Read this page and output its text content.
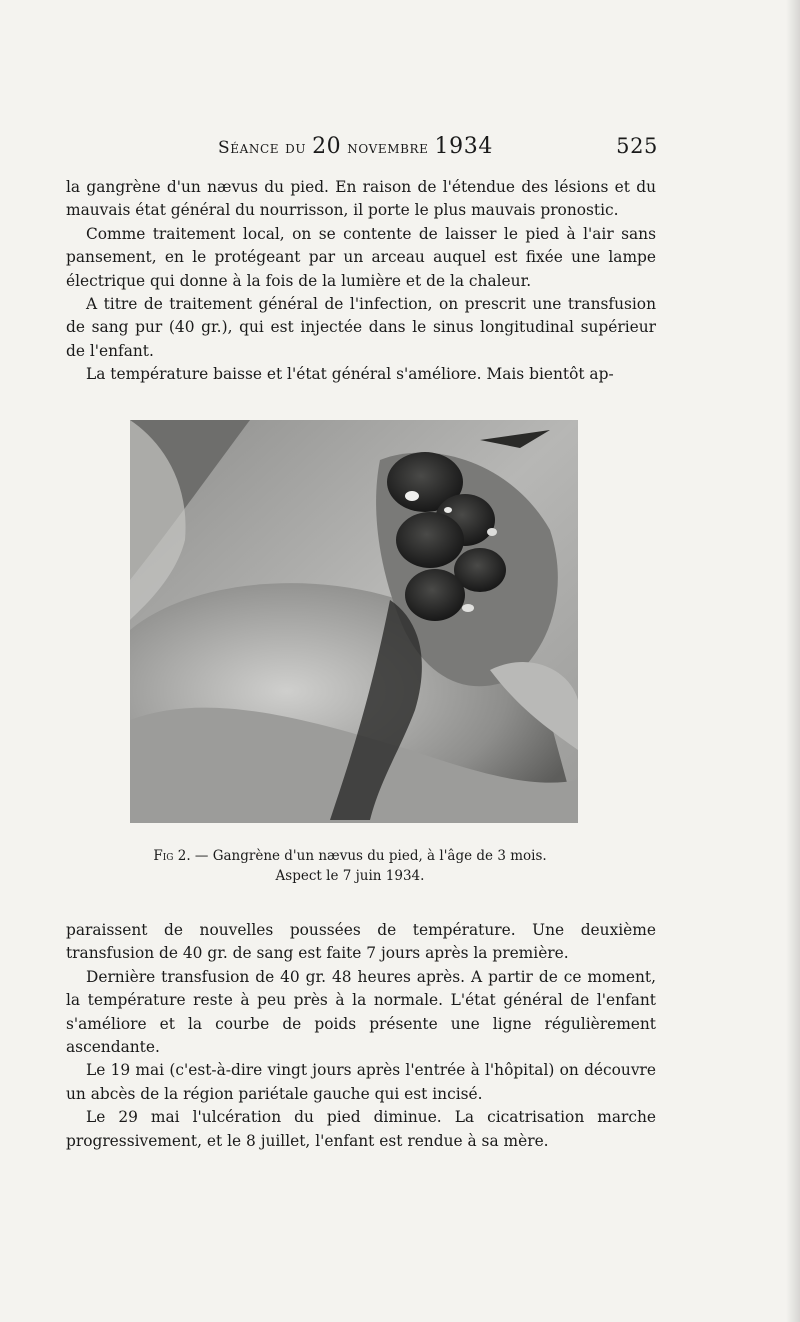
Séance du 20 novembre 1934	525

la gangrène d'un nævus du pied. En raison de l'étendue des lésions et du mauvais état général du nourrisson, il porte le plus mauvais pronostic.

Comme traitement local, on se contente de laisser le pied à l'air sans pansement, en le protégeant par un arceau auquel est fixée une lampe électrique qui donne à la fois de la lumière et de la chaleur.

A titre de traitement général de l'infection, on prescrit une transfusion de sang pur (40 gr.), qui est injectée dans le sinus longitudinal supérieur de l'enfant.

La température baisse et l'état général s'améliore. Mais bientôt ap-

Fig 2. — Gangrène d'un nævus du pied, à l'âge de 3 mois.
Aspect le 7 juin 1934.

paraissent de nouvelles poussées de température. Une deuxième transfusion de 40 gr. de sang est faite 7 jours après la première.

Dernière transfusion de 40 gr. 48 heures après. A partir de ce moment, la température reste à peu près à la normale. L'état général de l'enfant s'améliore et la courbe de poids présente une ligne régulièrement ascendante.

Le 19 mai (c'est-à-dire vingt jours après l'entrée à l'hôpital) on découvre un abcès de la région pariétale gauche qui est incisé.

Le 29 mai l'ulcération du pied diminue. La cicatrisation marche progressivement, et le 8 juillet, l'enfant est rendue à sa mère.
